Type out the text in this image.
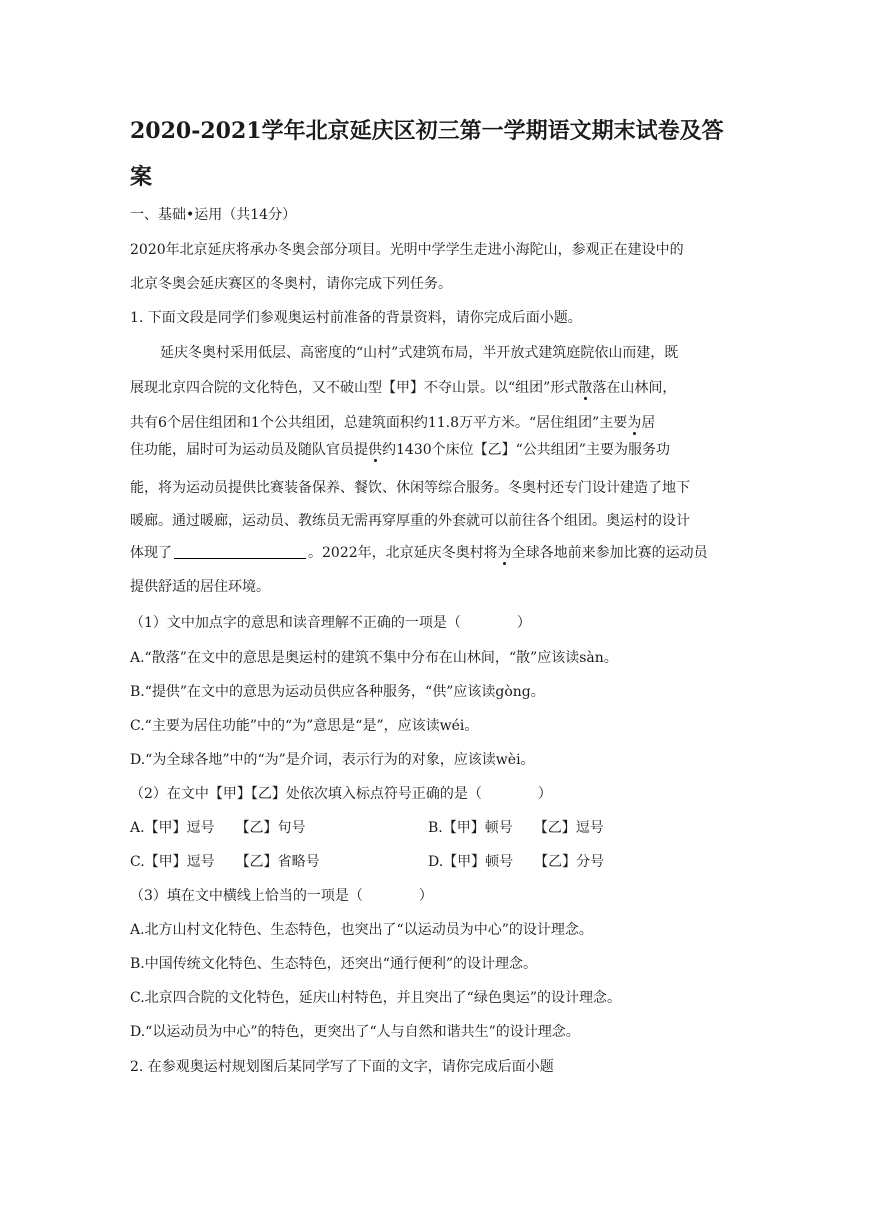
2020-2021学年北京延庆区初三第一学期语文期末试卷及答
案
一、基础•运用（共14分）
2020年北京延庆将承办冬奥会部分项目。光明中学学生走进小海陀山，参观正在建设中的
北京冬奥会延庆赛区的冬奥村，请你完成下列任务。
1. 下面文段是同学们参观奥运村前准备的背景资料，请你完成后面小题。
延庆冬奥村采用低层、高密度的“山村”式建筑布局，半开放式建筑庭院依山而建，既
展现北京四合院的文化特色，又不破山型【甲】不夺山景。以“组团”形式散落在山林间，
共有6个居住组团和1个公共组团，总建筑面积约11.8万平方米。“居住组团”主要为居
住功能，届时可为运动员及随队官员提供约1430个床位【乙】“公共组团”主要为服务功
能，将为运动员提供比赛装备保养、餐饮、休闲等综合服务。冬奥村还专门设计建造了地下
暖廊。通过暖廊，运动员、教练员无需再穿厚重的外套就可以前往各个组团。奥运村的设计
体现了	。2022年，北京延庆冬奥村将为全球各地前来参加比赛的运动员
提供舒适的居住环境。
（1）文中加点字的意思和读音理解不正确的一项是（　　　　）
A.“散落”在文中的意思是奥运村的建筑不集中分布在山林间，“散”应该读sàn。
B.“提供”在文中的意思为运动员供应各种服务，“供”应该读gòng。
C.“主要为居住功能”中的“为”意思是“是”，应该读wéi。
D.“为全球各地”中的“为”是介词，表示行为的对象，应该读wèi。
（2）在文中【甲】【乙】处依次填入标点符号正确的是（　　　　）
A.【甲】逗号　　【乙】句号	B.【甲】顿号　　【乙】逗号
C.【甲】逗号　　【乙】省略号	D.【甲】顿号　　【乙】分号
（3）填在文中横线上恰当的一项是（　　　　）
A.北方山村文化特色、生态特色，也突出了“以运动员为中心”的设计理念。
B.中国传统文化特色、生态特色，还突出“通行便利”的设计理念。
C.北京四合院的文化特色，延庆山村特色，并且突出了“绿色奥运”的设计理念。
D.“以运动员为中心”的特色，更突出了“人与自然和谐共生”的设计理念。
2. 在参观奥运村规划图后某同学写了下面的文字，请你完成后面小题
